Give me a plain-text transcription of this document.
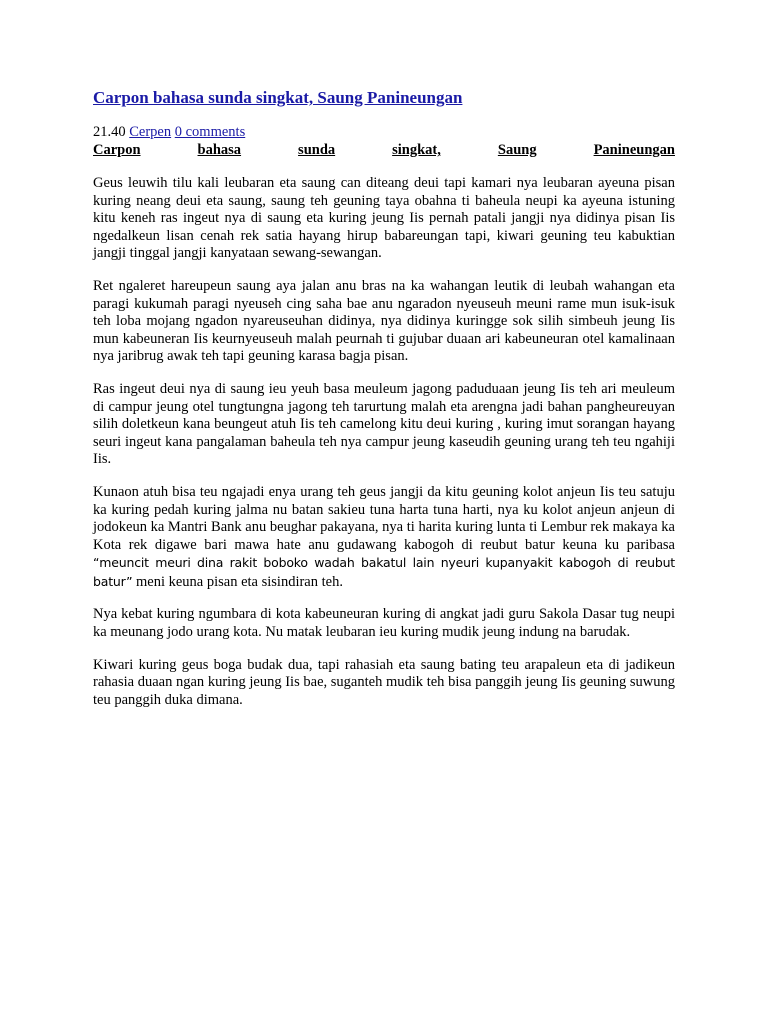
Carpon bahasa sunda singkat, Saung Panineungan
21.40 Cerpen 0 comments
Carpon	bahasa	sunda	singkat,	Saung	Panineungan

Geus leuwih tilu kali leubaran eta saung can diteang deui tapi kamari nya leubaran ayeuna pisan kuring neang deui eta saung, saung teh geuning taya obahna ti baheula neupi ka ayeuna istuning kitu keneh ras ingeut nya di saung eta kuring jeung Iis pernah patali jangji nya didinya pisan Iis ngedalkeun lisan cenah rek satia hayang hirup babareungan tapi, kiwari geuning teu kabuktian jangji tinggal jangji kanyataan sewang-sewangan.

Ret ngaleret hareupeun saung aya jalan anu bras na ka wahangan leutik di leubah wahangan eta paragi kukumah paragi nyeuseh cing saha bae anu ngaradon nyeuseuh meuni rame mun isuk-isuk teh loba mojang ngadon nyareuseuhan didinya, nya didinya kuringge sok silih simbeuh jeung Iis mun kabeuneran Iis keurnyeuseuh malah peurnah ti gujubar duaan ari kabeuneuran otel kamalinaan nya jaribrug awak teh tapi geuning karasa bagja pisan.

Ras ingeut deui nya di saung ieu yeuh basa meuleum jagong paduduaan jeung Iis teh ari meuleum di campur jeung otel tungtungna jagong teh tarurtung malah eta arengna jadi bahan pangheureuyan silih doletkeun kana beungeut atuh Iis teh camelong kitu deui kuring , kuring imut sorangan hayang seuri ingeut kana pangalaman baheula teh nya campur jeung kaseudih geuning urang teh teu ngahiji Iis.

Kunaon atuh bisa teu ngajadi enya urang teh geus jangji da kitu geuning kolot anjeun Iis teu satuju ka kuring pedah kuring jalma nu batan sakieu tuna harta tuna harti, nya ku kolot anjeun anjeun di jodokeun ka Mantri Bank anu beughar pakayana, nya ti harita kuring lunta ti Lembur rek makaya ka Kota rek digawe bari mawa hate anu gudawang kabogoh di reubut batur keuna ku paribasa “meuncit meuri dina rakit boboko wadah bakatul lain nyeuri kupanyakit kabogoh di reubut batur” meni keuna pisan eta sisindiran teh.

Nya kebat kuring ngumbara di kota kabeuneuran kuring di angkat jadi guru Sakola Dasar tug neupi ka meunang jodo urang kota. Nu matak leubaran ieu kuring mudik jeung indung na barudak.

Kiwari kuring geus boga budak dua, tapi rahasiah eta saung bating teu arapaleun eta di jadikeun rahasia duaan ngan kuring jeung Iis bae, suganteh mudik teh bisa panggih jeung Iis geuning suwung teu panggih duka dimana.
